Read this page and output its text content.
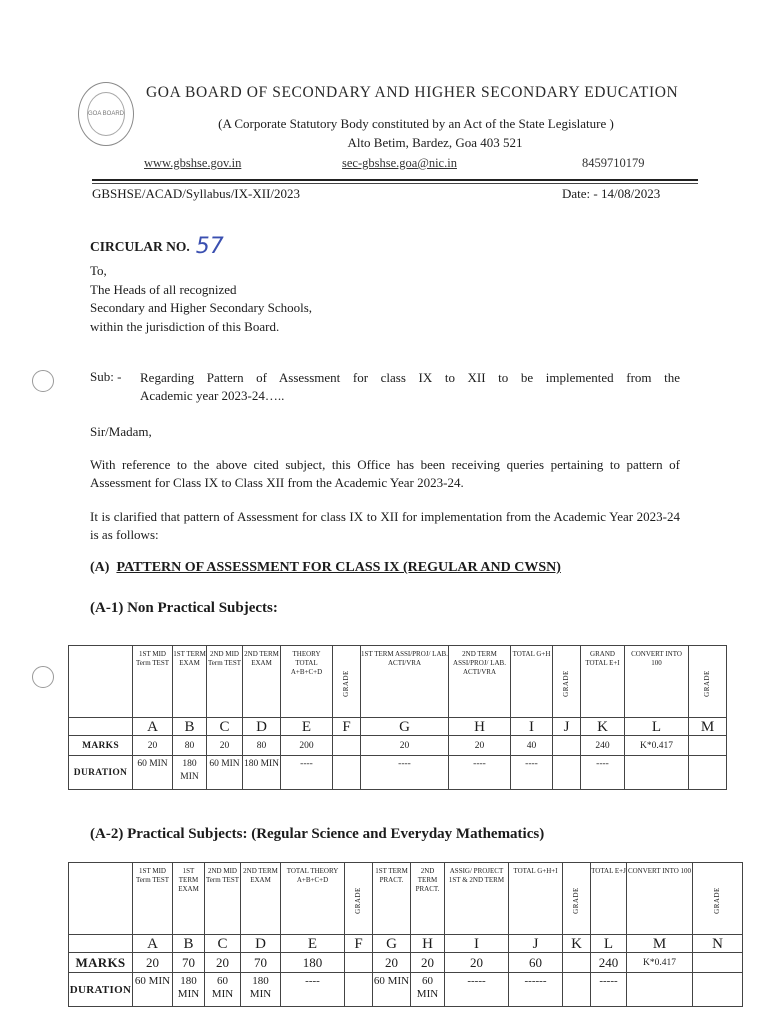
GOA BOARD
GOA BOARD OF SECONDARY AND HIGHER SECONDARY EDUCATION
(A Corporate Statutory Body constituted by an Act of the State Legislature )
Alto Betim, Bardez, Goa 403 521
www.gbshse.gov.in	sec-gbshse.goa@nic.in	8459710179
GBSHSE/ACAD/Syllabus/IX-XII/2023	Date: - 14/08/2023
CIRCULAR NO. 57
To,
The Heads of all recognized
Secondary and Higher Secondary Schools,
within the jurisdiction of this Board.
Sub: - Regarding Pattern of Assessment for class IX to XII to be implemented from the
Academic year 2023-24…..
Sir/Madam,
With reference to the above cited subject, this Office has been receiving queries pertaining to pattern of Assessment for Class IX to Class XII from the Academic Year 2023-24.
It is clarified that pattern of Assessment for class IX to XII for implementation from the Academic Year 2023-24 is as follows:
(A) PATTERN OF ASSESSMENT FOR CLASS IX (REGULAR AND CWSN)
(A-1) Non Practical Subjects:
	1ST MID Term TEST	1ST TERM EXAM	2ND MID Term TEST	2ND TERM EXAM	THEORY TOTAL A+B+C+D	GRADE	1ST TERM ASSI/PROJ/ LAB. ACTI/VRA	2ND TERM ASSI/PROJ/ LAB. ACTI/VRA	TOTAL G+H	GRADE	GRAND TOTAL E+I	CONVERT INTO 100	GRADE
	A	B	C	D	E	F	G	H	I	J	K	L	M
MARKS	20	80	20	80	200		20	20	40		240	K*0.417	
DURATION	60 MIN	180 MIN	60 MIN	180 MIN	----		----	----	----		----		
(A-2) Practical Subjects: (Regular Science and Everyday Mathematics)
	1ST MID Term TEST	1ST TERM EXAM	2ND MID Term TEST	2ND TERM EXAM	TOTAL THEORY A+B+C+D	GRADE	1ST TERM PRACT.	2ND TERM PRACT.	ASSIG/ PROJECT 1ST & 2ND TERM	TOTAL G+H+I	GRADE	TOTAL E+J	CONVERT INTO 100	GRADE
	A	B	C	D	E	F	G	H	I	J	K	L	M	N
MARKS	20	70	20	70	180		20	20	20	60		240	K*0.417	
DURATION	60 MIN	180 MIN	60 MIN	180 MIN	----		60 MIN	60 MIN	-----	------		-----		
